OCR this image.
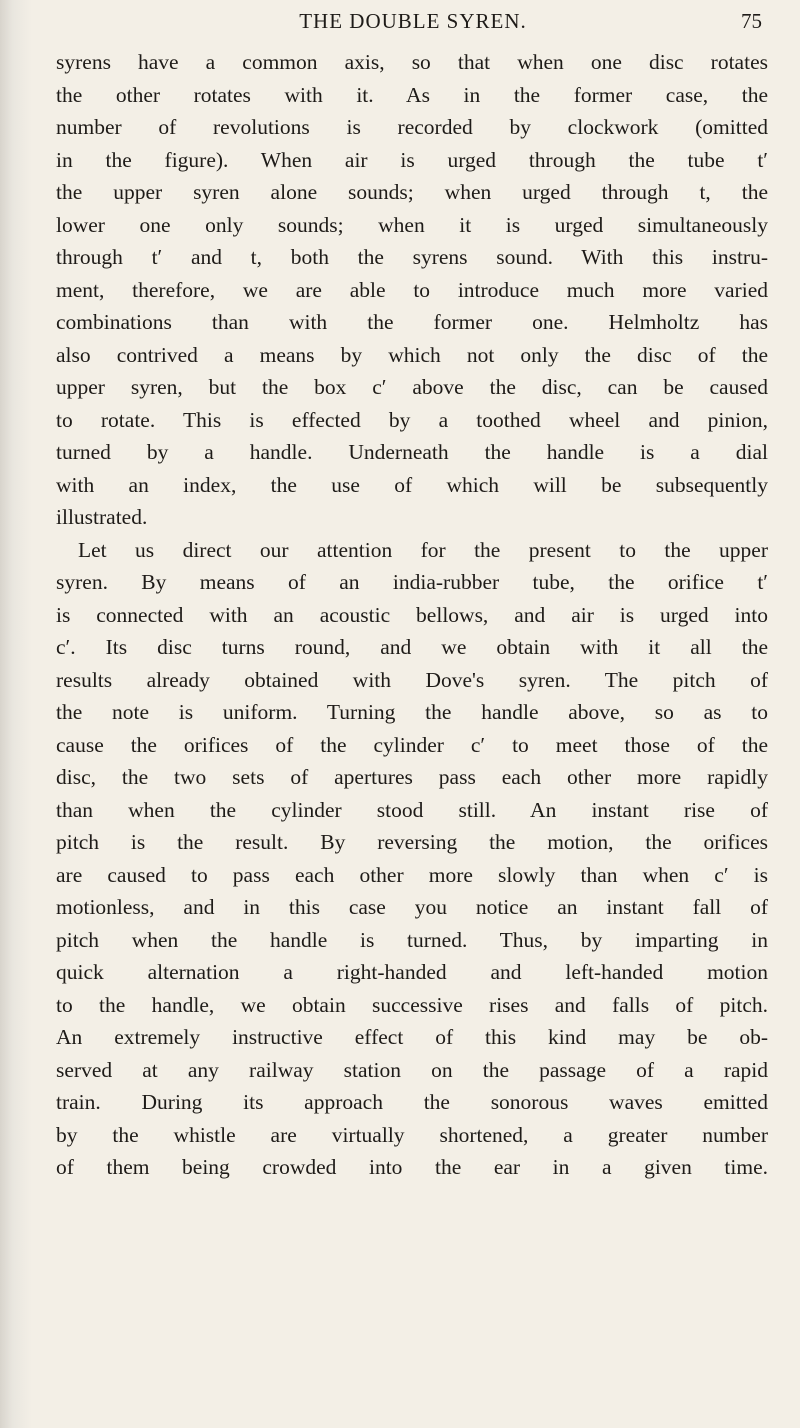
THE DOUBLE SYREN.	75
syrens have a common axis, so that when one disc rotates
the other rotates with it. As in the former case, the
number of revolutions is recorded by clockwork (omitted
in the figure). When air is urged through the tube t′
the upper syren alone sounds; when urged through t, the
lower one only sounds; when it is urged simultaneously
through t′ and t, both the syrens sound. With this instru-
ment, therefore, we are able to introduce much more varied
combinations than with the former one. Helmholtz has
also contrived a means by which not only the disc of the
upper syren, but the box c′ above the disc, can be caused
to rotate. This is effected by a toothed wheel and pinion,
turned by a handle. Underneath the handle is a dial
with an index, the use of which will be subsequently
illustrated.
Let us direct our attention for the present to the upper
syren. By means of an india-rubber tube, the orifice t′
is connected with an acoustic bellows, and air is urged into
c′. Its disc turns round, and we obtain with it all the
results already obtained with Dove's syren. The pitch of
the note is uniform. Turning the handle above, so as to
cause the orifices of the cylinder c′ to meet those of the
disc, the two sets of apertures pass each other more rapidly
than when the cylinder stood still. An instant rise of
pitch is the result. By reversing the motion, the orifices
are caused to pass each other more slowly than when c′ is
motionless, and in this case you notice an instant fall of
pitch when the handle is turned. Thus, by imparting in
quick alternation a right-handed and left-handed motion
to the handle, we obtain successive rises and falls of pitch.
An extremely instructive effect of this kind may be ob-
served at any railway station on the passage of a rapid
train. During its approach the sonorous waves emitted
by the whistle are virtually shortened, a greater number
of them being crowded into the ear in a given time.
